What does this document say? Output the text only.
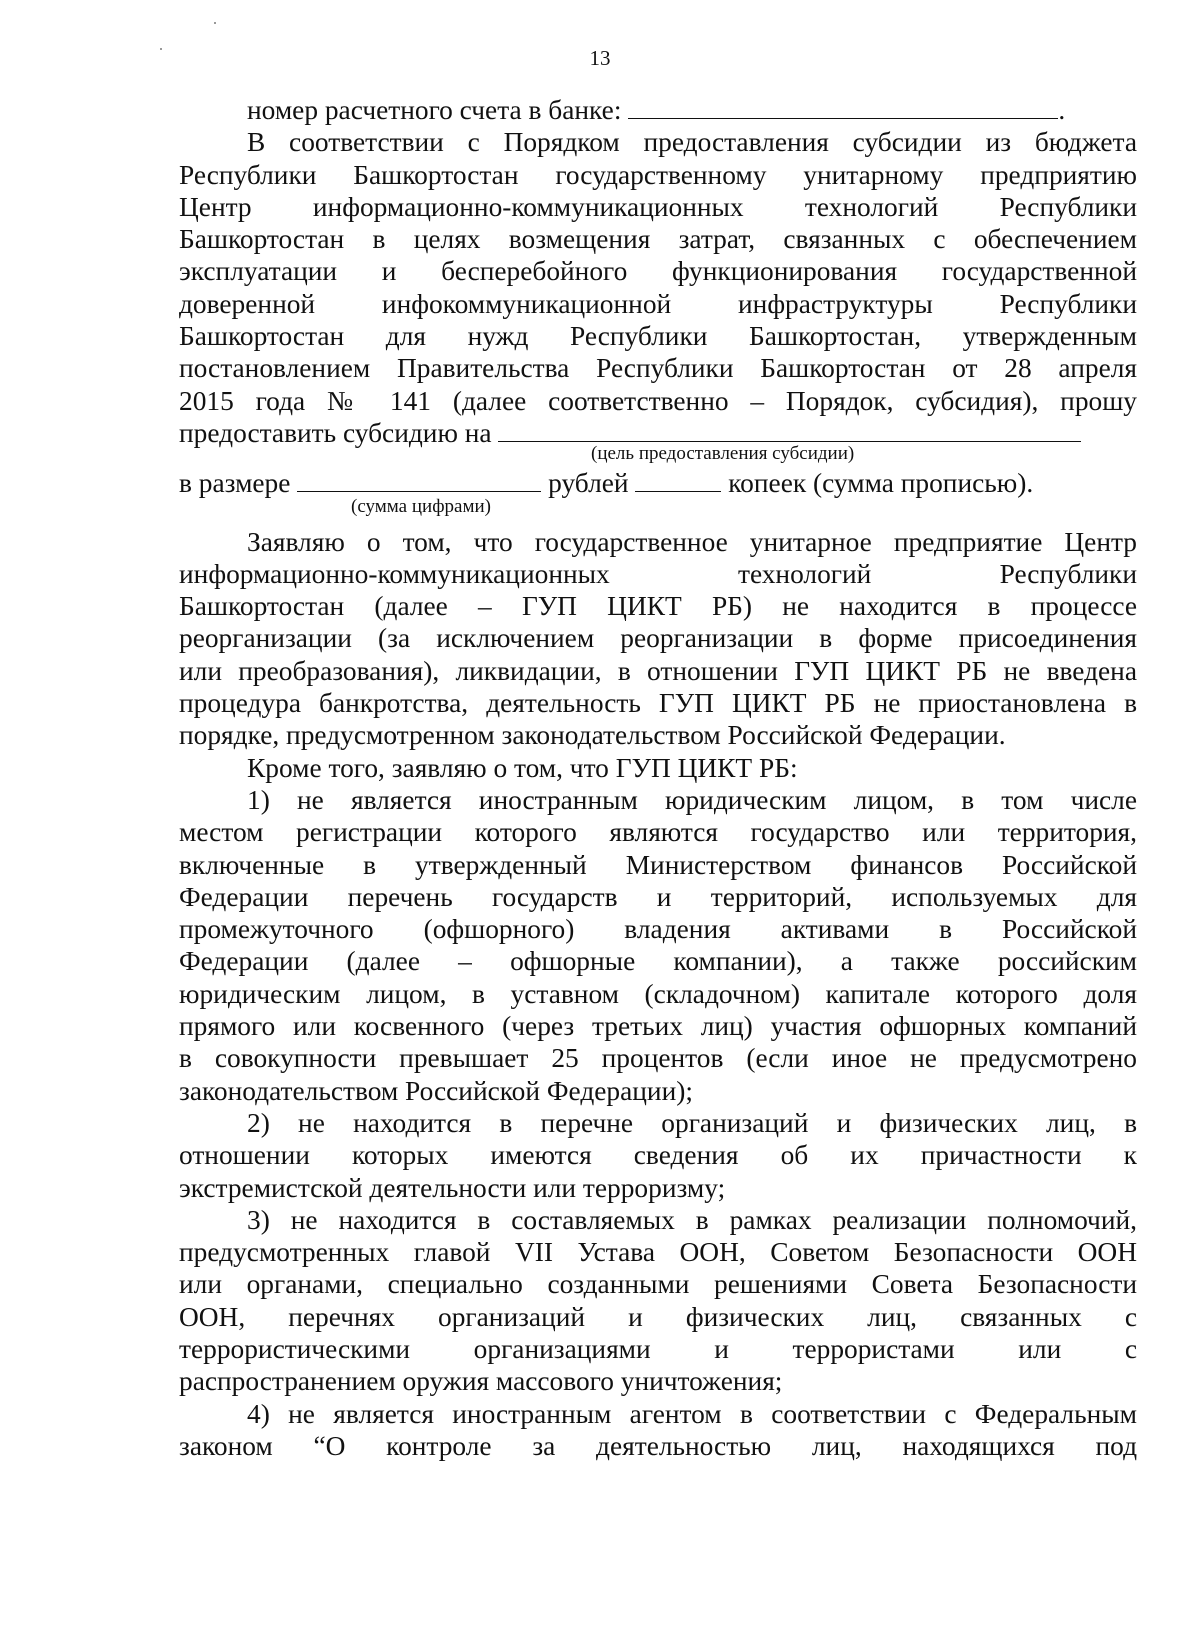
13
номер расчетного счета в банке:	.
В соответствии с Порядком предоставления субсидии из бюджета
Республики Башкортостан государственному унитарному предприятию
Центр информационно-коммуникационных технологий Республики
Башкортостан в целях возмещения затрат, связанных с обеспечением
эксплуатации и бесперебойного функционирования государственной
доверенной инфокоммуникационной инфраструктуры Республики
Башкортостан для нужд Республики Башкортостан, утвержденным
постановлением Правительства Республики Башкортостан от 28 апреля
2015 года № 141 (далее соответственно – Порядок, субсидия), прошу
предоставить субсидию на
(цель предоставления субсидии)
в размере	рублей	копеек (сумма прописью).
(сумма цифрами)
Заявляю о том, что государственное унитарное предприятие Центр
информационно-коммуникационных технологий Республики
Башкортостан (далее – ГУП ЦИКТ РБ) не находится в процессе
реорганизации (за исключением реорганизации в форме присоединения
или преобразования), ликвидации, в отношении ГУП ЦИКТ РБ не введена
процедура банкротства, деятельность ГУП ЦИКТ РБ не приостановлена в
порядке, предусмотренном законодательством Российской Федерации.
Кроме того, заявляю о том, что ГУП ЦИКТ РБ:
1) не является иностранным юридическим лицом, в том числе
местом регистрации которого являются государство или территория,
включенные в утвержденный Министерством финансов Российской
Федерации перечень государств и территорий, используемых для
промежуточного (офшорного) владения активами в Российской
Федерации (далее – офшорные компании), а также российским
юридическим лицом, в уставном (складочном) капитале которого доля
прямого или косвенного (через третьих лиц) участия офшорных компаний
в совокупности превышает 25 процентов (если иное не предусмотрено
законодательством Российской Федерации);
2) не находится в перечне организаций и физических лиц, в
отношении которых имеются сведения об их причастности к
экстремистской деятельности или терроризму;
3) не находится в составляемых в рамках реализации полномочий,
предусмотренных главой VII Устава ООН, Советом Безопасности ООН
или органами, специально созданными решениями Совета Безопасности
ООН, перечнях организаций и физических лиц, связанных с
террористическими организациями и террористами или с
распространением оружия массового уничтожения;
4) не является иностранным агентом в соответствии с Федеральным
законом “О контроле за деятельностью лиц, находящихся под
